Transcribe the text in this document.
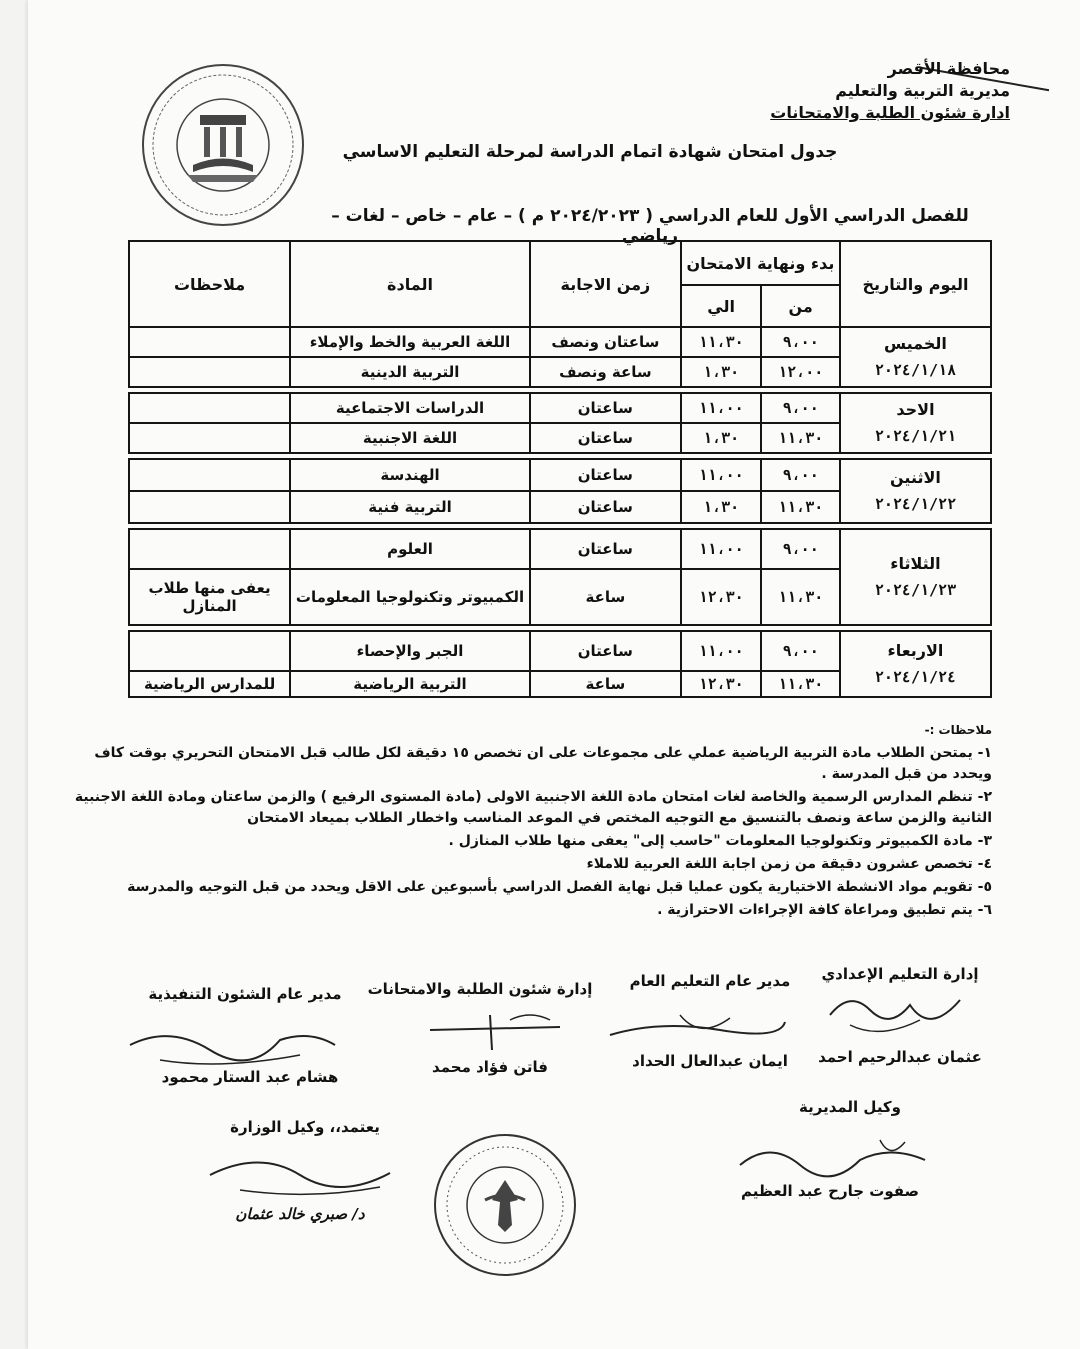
محافظة الأقصر
مديرية التربية والتعليم
ادارة شئون الطلبة والامتحانات
جدول امتحان شهادة اتمام الدراسة لمرحلة التعليم الاساسي
للفصل الدراسي الأول للعام الدراسي ( ٢٠٢٤/٢٠٢٣ م ) – عام – خاص – لغات – رياضي
اليوم والتاريخ	بدء ونهاية الامتحان		زمن الاجابة	المادة	ملاحظات
	من	الي			
الخميس
٢٠٢٤/١/١٨	٩،٠٠	١١،٣٠	ساعتان ونصف	اللغة العربية والخط والإملاء	
	١٢،٠٠	١،٣٠	ساعة ونصف	التربية الدينية	

الاحد
٢٠٢٤/١/٢١	٩،٠٠	١١،٠٠	ساعتان	الدراسات الاجتماعية	
	١١،٣٠	١،٣٠	ساعتان	اللغة الاجنبية	

الاثنين
٢٠٢٤/١/٢٢	٩،٠٠	١١،٠٠	ساعتان	الهندسة	
	١١،٣٠	١،٣٠	ساعتان	التربية فنية	

الثلاثاء
٢٠٢٤/١/٢٣	٩،٠٠	١١،٠٠	ساعتان	العلوم	
	١١،٣٠	١٢،٣٠	ساعة	الكمبيوتر وتكنولوجيا المعلومات	يعفى منها طلاب المنازل

الاربعاء
٢٠٢٤/١/٢٤	٩،٠٠	١١،٠٠	ساعتان	الجبر والإحصاء	
	١١،٣٠	١٢،٣٠	ساعة	التربية الرياضية	للمدارس الرياضية

ملاحظات :-

١- يمتحن الطلاب مادة التربية الرياضية عملي على مجموعات على ان تخصص ١٥ دقيقة لكل طالب قبل الامتحان التحريري بوقت كاف ويحدد من قبل المدرسة .

٢- تنظم المدارس الرسمية والخاصة لغات امتحان مادة اللغة الاجنبية الاولى (مادة المستوى الرفيع ) والزمن ساعتان ومادة اللغة الاجنبية الثانية والزمن ساعة ونصف بالتنسيق مع التوجيه المختص في الموعد المناسب واخطار الطلاب بميعاد الامتحان

٣- مادة الكمبيوتر وتكنولوجيا المعلومات "حاسب إلى" يعفى منها طلاب المنازل .

٤- تخصص عشرون دقيقة من زمن اجابة اللغة العربية للاملاء

٥- تقويم مواد الانشطة الاختيارية يكون عمليا قبل نهاية الفصل الدراسي بأسبوعين على الاقل ويحدد من قبل التوجيه والمدرسة

٦- يتم تطبيق ومراعاة كافة الإجراءات الاحترازية .

إدارة التعليم الإعدادي
مدير عام التعليم العام
إدارة شئون الطلبة والامتحانات
مدير عام الشئون التنفيذية
عثمان عبدالرحيم احمد
ايمان عبدالعال الحداد
فاتن فؤاد محمد
هشام عبد الستار محمود
وكيل المديرية
صفوت جارح عبد العظيم
يعتمد،، وكيل الوزارة
د/ صبري خالد عثمان
